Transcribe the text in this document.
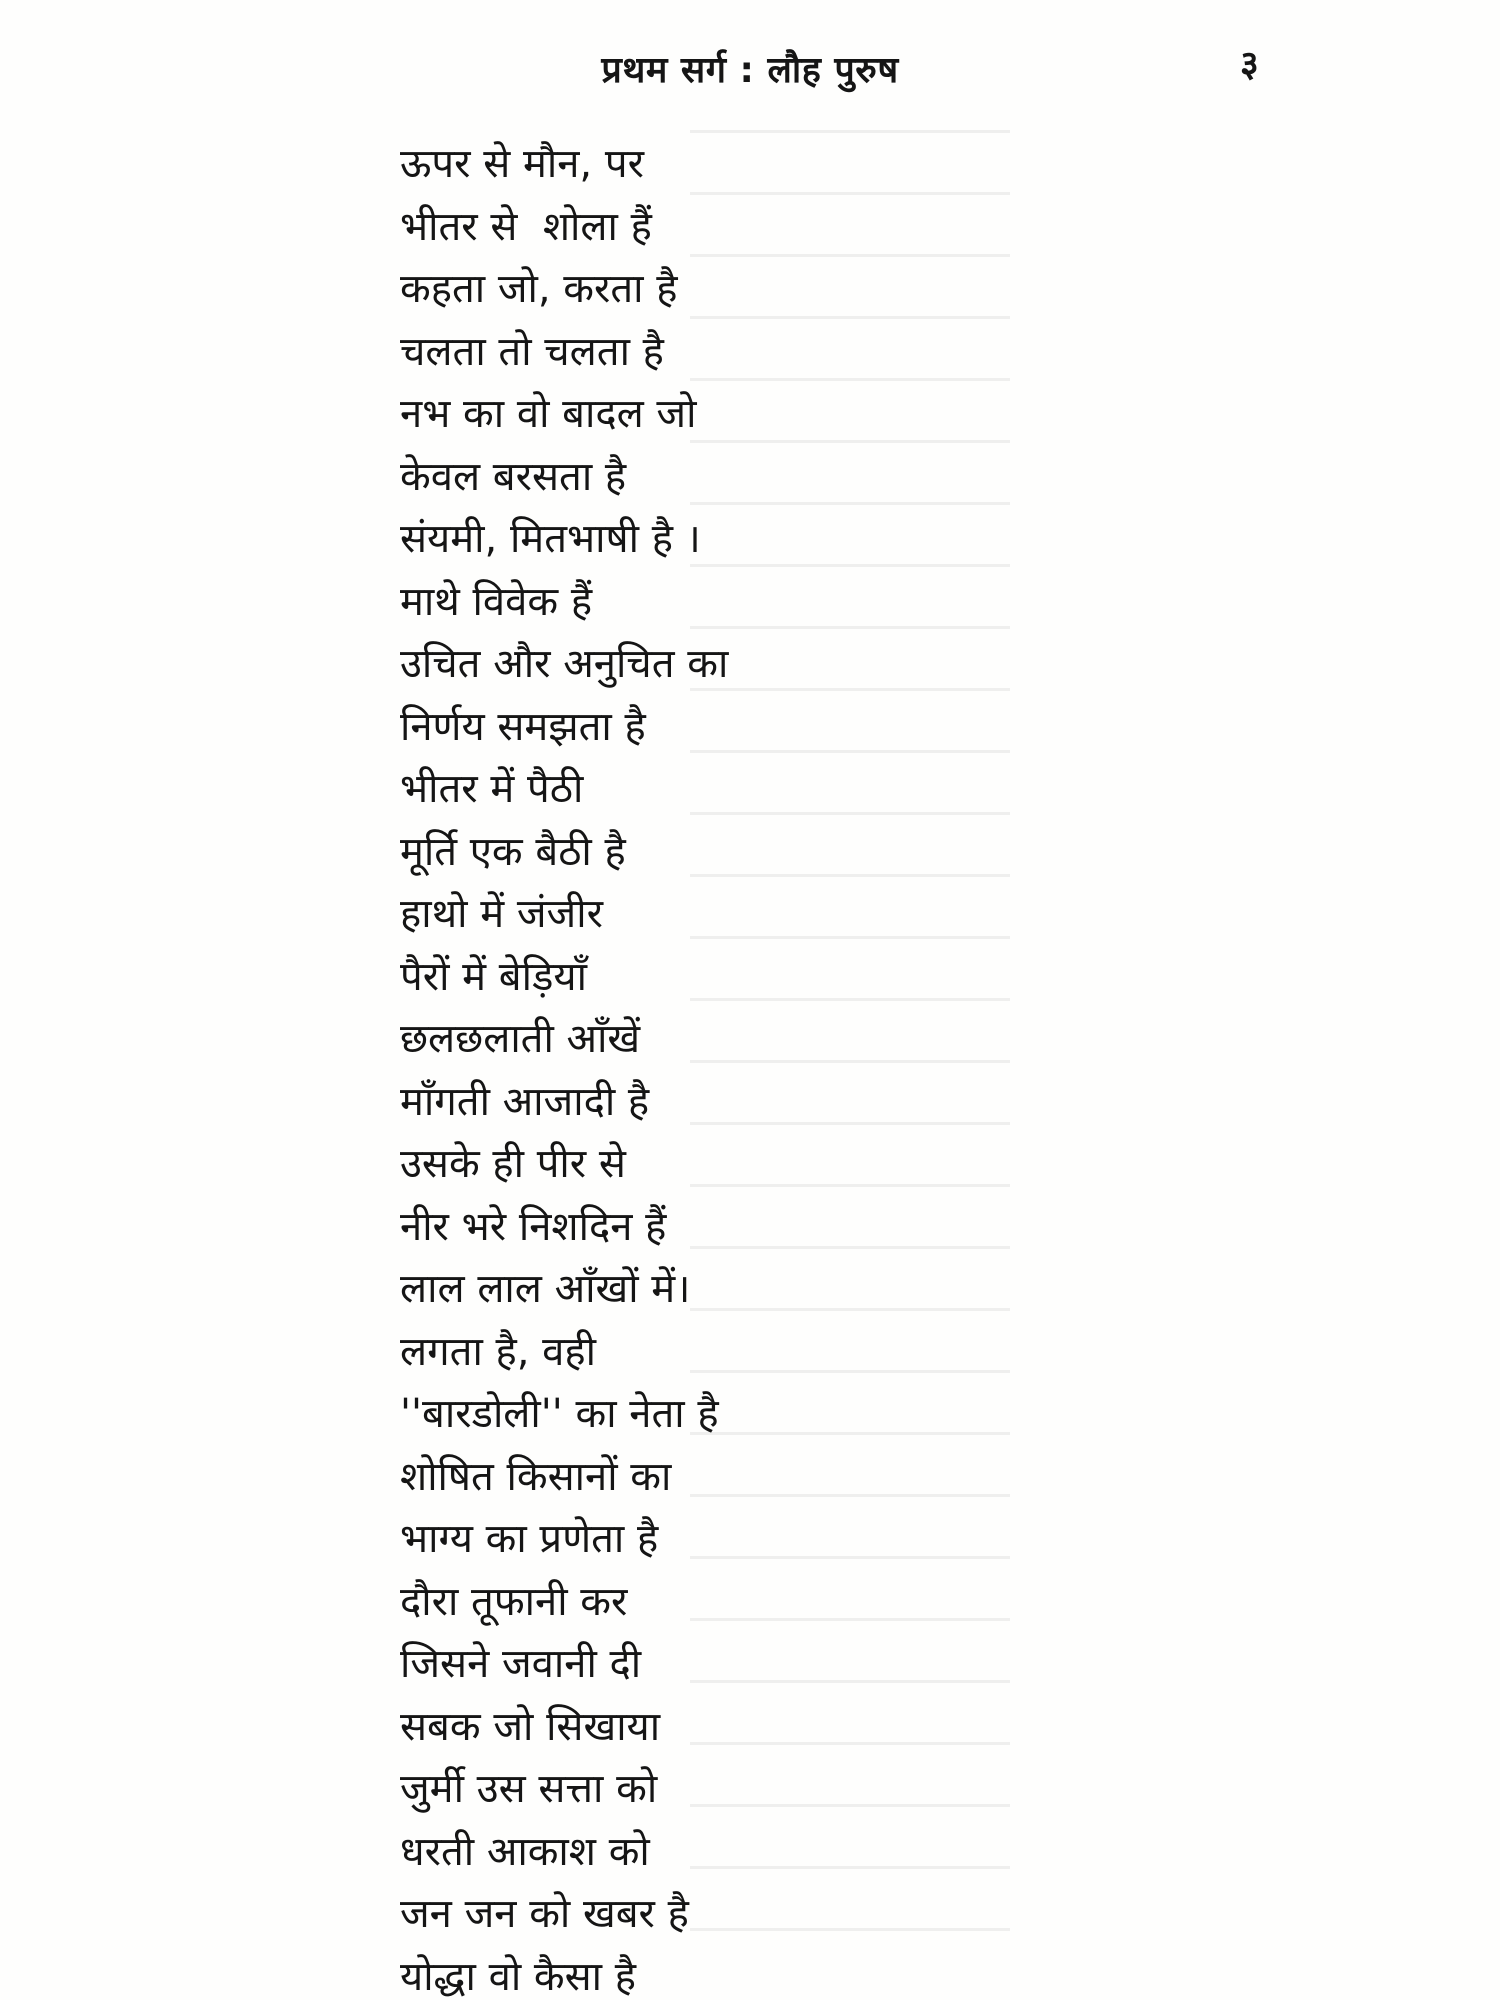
प्रथम सर्ग : लौह पुरुष	३
ऊपर से मौन, पर
भीतर से  शोला हैं
कहता जो, करता है
चलता तो चलता है
नभ का वो बादल जो
केवल बरसता है
संयमी, मितभाषी है ।
माथे विवेक हैं
उचित और अनुचित का
निर्णय समझता है
भीतर में पैठी
मूर्ति एक बैठी है
हाथो में जंजीर
पैरों में बेड़ियाँ
छलछलाती आँखें
माँगती आजादी है
उसके ही पीर से
नीर भरे निशदिन हैं
लाल लाल आँखों में।
लगता है, वही
''बारडोली'' का नेता है
शोषित किसानों का
भाग्य का प्रणेता है
दौरा तूफानी कर
जिसने जवानी दी
सबक जो सिखाया
जुर्मी उस सत्ता को
धरती आकाश को
जन जन को खबर है
योद्धा वो कैसा है
